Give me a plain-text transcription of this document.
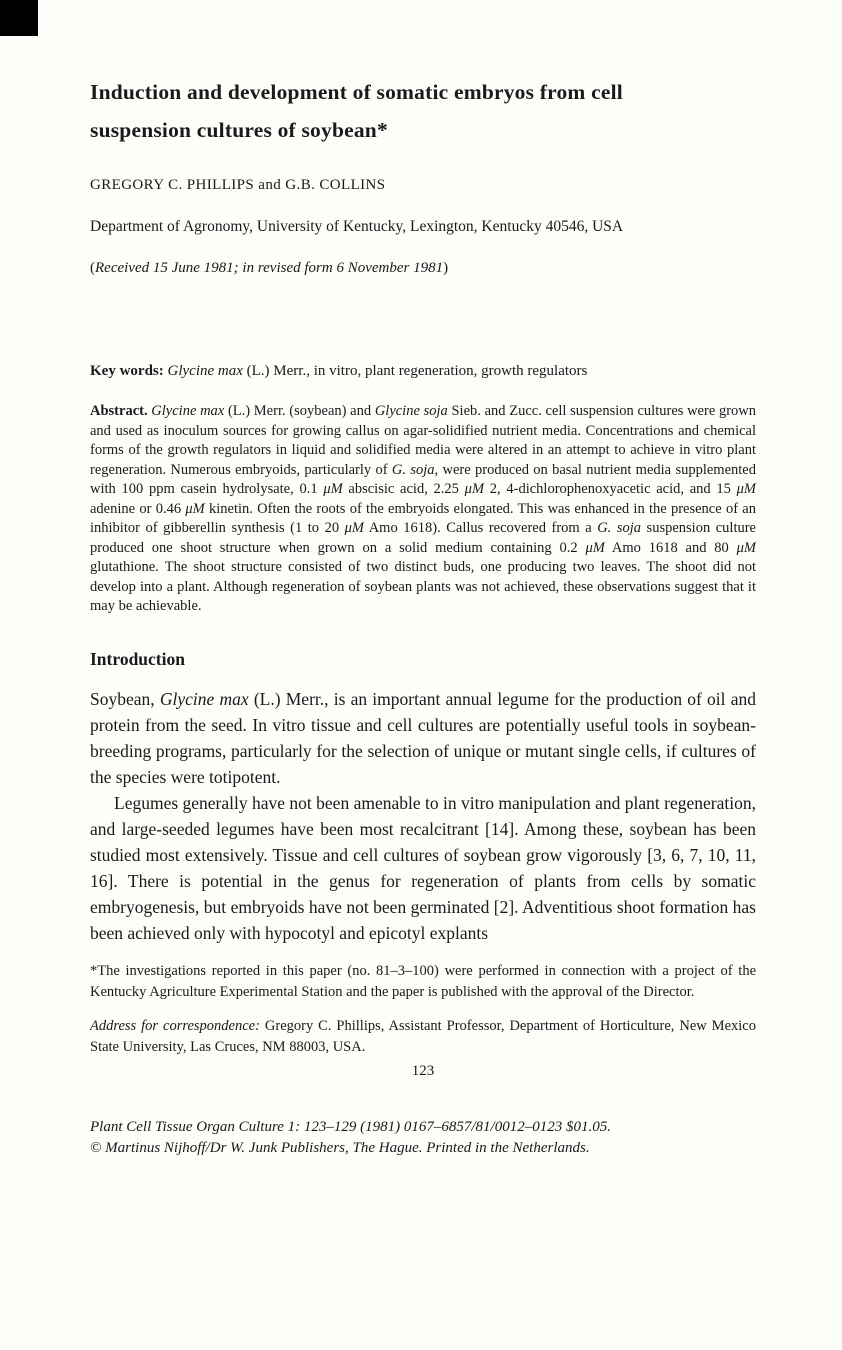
Induction and development of somatic embryos from cell
suspension cultures of soybean*

GREGORY C. PHILLIPS and G.B. COLLINS

Department of Agronomy, University of Kentucky, Lexington, Kentucky 40546, USA

(Received 15 June 1981; in revised form 6 November 1981)

Key words: Glycine max (L.) Merr., in vitro, plant regeneration, growth regulators

Abstract. Glycine max (L.) Merr. (soybean) and Glycine soja Sieb. and Zucc. cell suspension cultures were grown and used as inoculum sources for growing callus on agar-solidified nutrient media. Concentrations and chemical forms of the growth regulators in liquid and solidified media were altered in an attempt to achieve in vitro plant regeneration. Numerous embryoids, particularly of G. soja, were produced on basal nutrient media supplemented with 100 ppm casein hydrolysate, 0.1 μM abscisic acid, 2.25 μM 2, 4-dichlorophenoxyacetic acid, and 15 μM adenine or 0.46 μM kinetin. Often the roots of the embryoids elongated. This was enhanced in the presence of an inhibitor of gibberellin synthesis (1 to 20 μM Amo 1618). Callus recovered from a G. soja suspension culture produced one shoot structure when grown on a solid medium containing 0.2 μM Amo 1618 and 80 μM glutathione. The shoot structure consisted of two distinct buds, one producing two leaves. The shoot did not develop into a plant. Although regeneration of soybean plants was not achieved, these observations suggest that it may be achievable.

Introduction

Soybean, Glycine max (L.) Merr., is an important annual legume for the production of oil and protein from the seed. In vitro tissue and cell cultures are potentially useful tools in soybean-breeding programs, particularly for the selection of unique or mutant single cells, if cultures of the species were totipotent.

Legumes generally have not been amenable to in vitro manipulation and plant regeneration, and large-seeded legumes have been most recalcitrant [14]. Among these, soybean has been studied most extensively. Tissue and cell cultures of soybean grow vigorously [3, 6, 7, 10, 11, 16]. There is potential in the genus for regeneration of plants from cells by somatic embryogenesis, but embryoids have not been germinated [2]. Adventitious shoot formation has been achieved only with hypocotyl and epicotyl explants

*The investigations reported in this paper (no. 81–3–100) were performed in connection with a project of the Kentucky Agriculture Experimental Station and the paper is published with the approval of the Director.

Address for correspondence: Gregory C. Phillips, Assistant Professor, Department of Horticulture, New Mexico State University, Las Cruces, NM 88003, USA.

123

Plant Cell Tissue Organ Culture 1: 123–129 (1981) 0167–6857/81/0012–0123 $01.05.
© Martinus Nijhoff/Dr W. Junk Publishers, The Hague. Printed in the Netherlands.
